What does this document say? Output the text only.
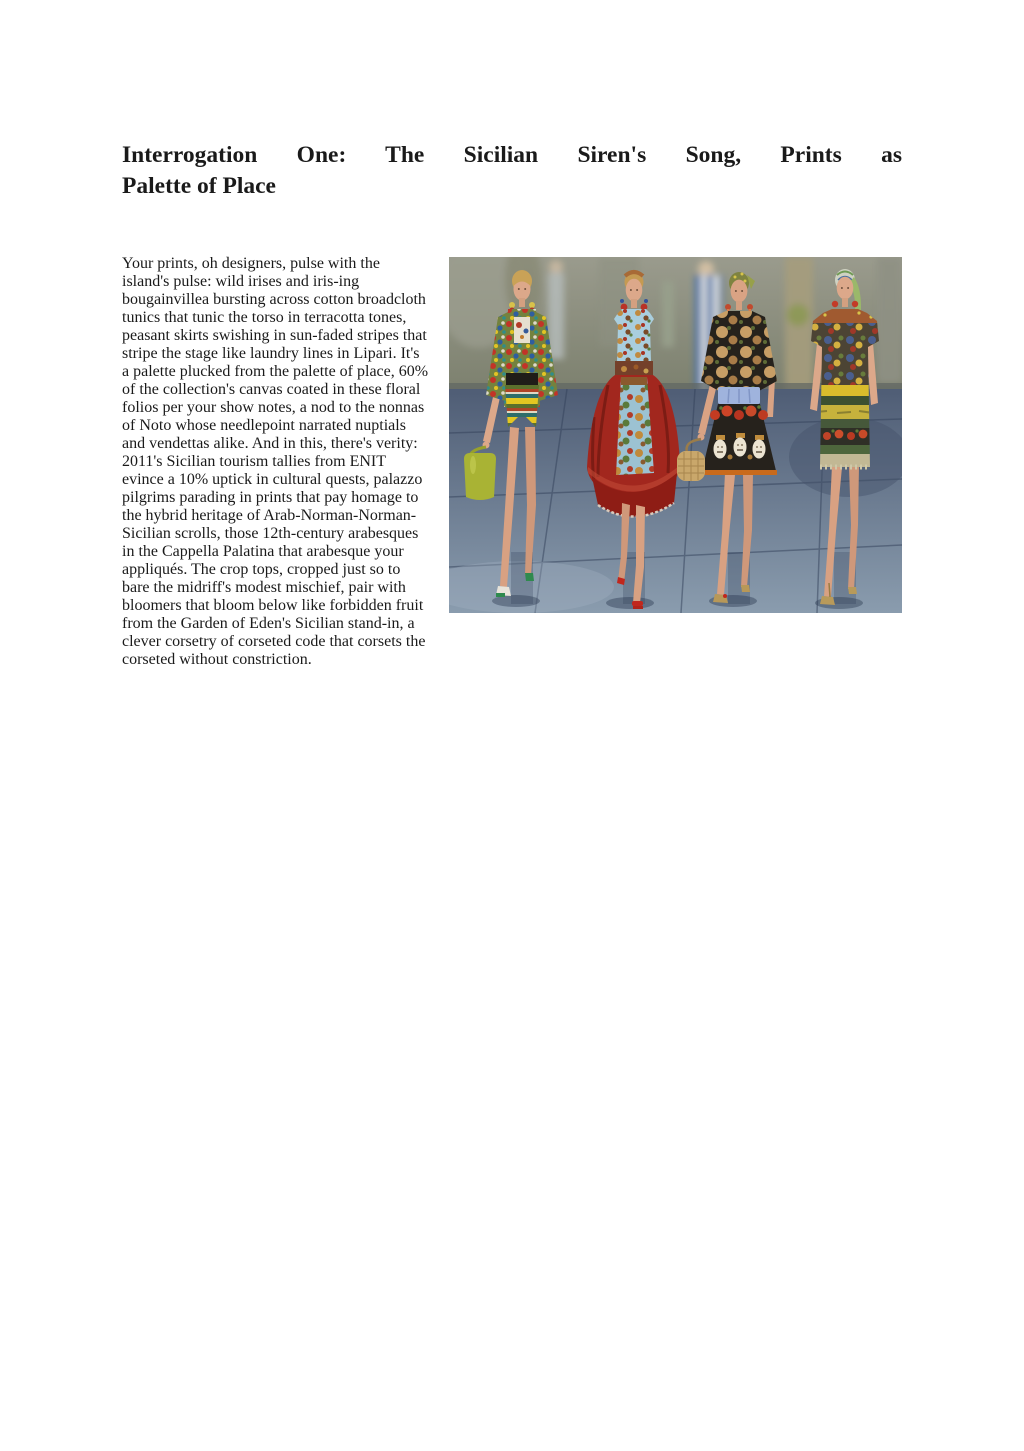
Interrogation One: The Sicilian Siren's Song, Prints as
Palette of Place

Your prints, oh designers, pulse with the island's pulse: wild irises and iris-ing bougainvillea bursting across cotton broadcloth tunics that tunic the torso in terracotta tones, peasant skirts swishing in sun-faded stripes that stripe the stage like laundry lines in Lipari. It's a palette plucked from the palette of place, 60% of the collection's canvas coated in these floral folios per your show notes, a nod to the nonnas of Noto whose needlepoint narrated nuptials and vendettas alike. And in this, there's verity: 2011's Sicilian tourism tallies from ENIT evince a 10% uptick in cultural quests, palazzo pilgrims parading in prints that pay homage to the hybrid heritage of Arab-Norman-Norman-Sicilian scrolls, those 12th-century arabesques in the Cappella Palatina that arabesque your appliqués. The crop tops, cropped just so to bare the midriff's modest mischief, pair with bloomers that bloom below like forbidden fruit from the Garden of Eden's Sicilian stand-in, a clever corsetry of corseted code that corsets the corseted without constriction.
